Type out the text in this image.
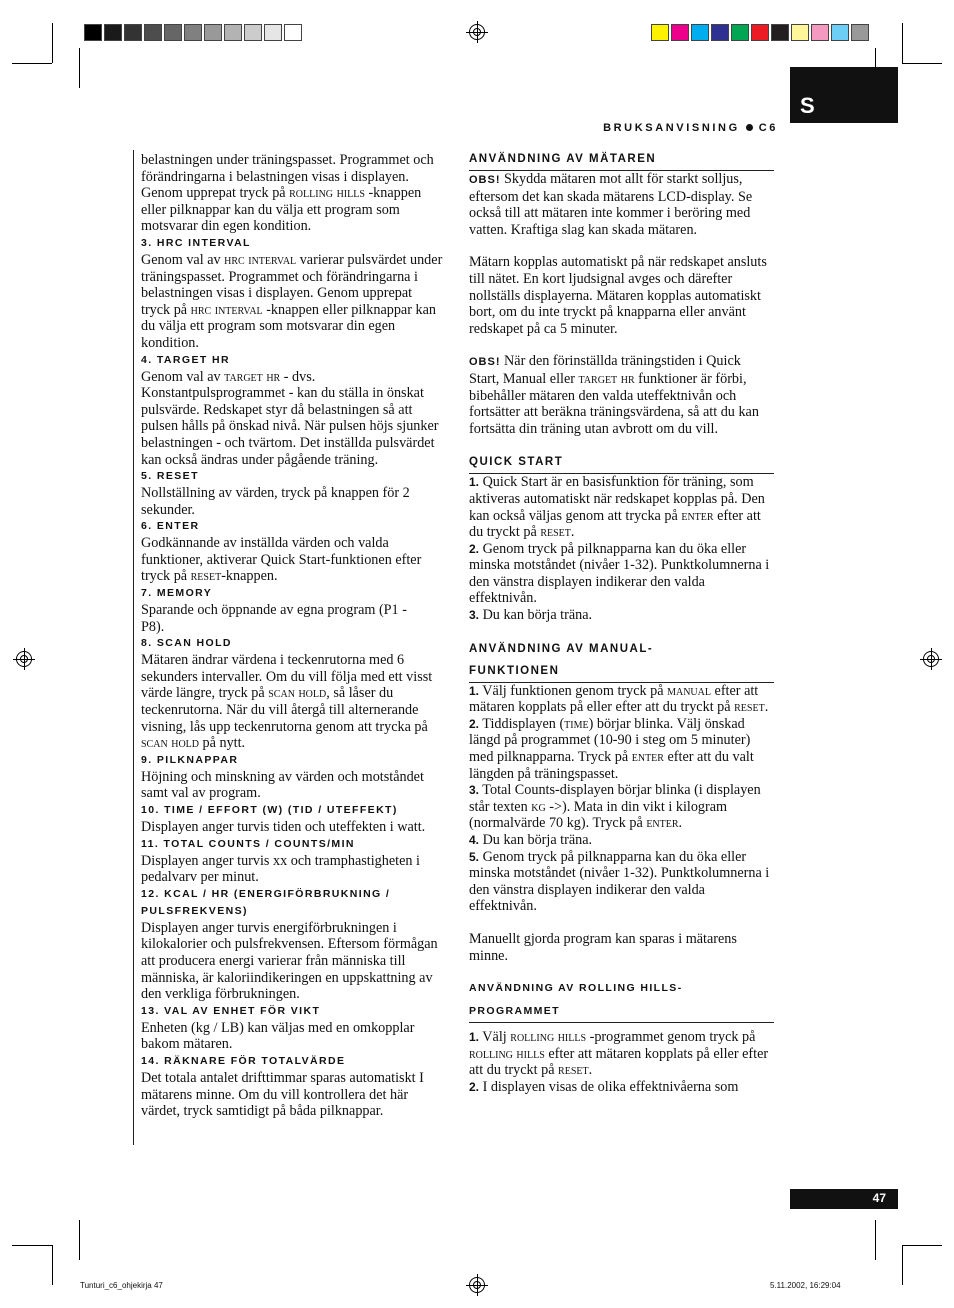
S
BRUKSANVISNING C6

belastningen under träningspasset. Programmet och förändringarna i belastningen visas i displayen. Genom upprepat tryck på rolling hills -knappen eller pilknappar kan du välja ett program som motsvarar din egen kondition.

3. HRC INTERVAL

Genom val av hrc interval varierar pulsvärdet under träningspasset. Programmet och förändringarna i belastningen visas i displayen. Genom upprepat tryck på hrc interval -knappen eller pilknappar kan du välja ett program som motsvarar din egen kondition.

4. TARGET HR

Genom val av target hr - dvs. Konstantpulsprogrammet - kan du ställa in önskat pulsvärde. Redskapet styr då belastningen så att pulsen hålls på önskad nivå. När pulsen höjs sjunker belastningen - och tvärtom. Det inställda pulsvärdet kan också ändras under pågående träning.

5. RESET

Nollställning av värden, tryck på knappen för 2 sekunder.

6. ENTER

Godkännande av inställda värden och valda funktioner, aktiverar Quick Start-funktionen efter tryck på reset-knappen.

7. MEMORY

Sparande och öppnande av egna program (P1 - P8).

8. SCAN HOLD

Mätaren ändrar värdena i teckenrutorna med 6 sekunders intervaller. Om du vill följa med ett visst värde längre, tryck på scan hold, så låser du teckenrutorna. När du vill återgå till alternerande visning, lås upp teckenrutorna genom att trycka på scan hold på nytt.

9. PILKNAPPAR

Höjning och minskning av värden och motståndet samt val av program.

10. TIME / EFFORT (W) (TID / UTEFFEKT)

Displayen anger turvis tiden och uteffekten i watt.

11. TOTAL COUNTS / COUNTS/MIN

Displayen anger turvis xx och tramphastigheten i pedalvarv per minut.

12. KCAL / HR (ENERGIFÖRBRUKNING / PULSFREKVENS)

Displayen anger turvis energiförbrukningen i kilokalorier och pulsfrekvensen. Eftersom förmågan att producera energi varierar från människa till människa, är kaloriindikeringen en uppskattning av den verkliga förbrukningen.

13. VAL AV ENHET FÖR VIKT

Enheten (kg / LB) kan väljas med en omkopplar bakom mätaren.

14. RÄKNARE FÖR TOTALVÄRDE

Det totala antalet drifttimmar sparas automatiskt I mätarens minne. Om du vill kontrollera det här värdet, tryck samtidigt på båda pilknappar.

ANVÄNDNING AV MÄTAREN

OBS! Skydda mätaren mot allt för starkt solljus, eftersom det kan skada mätarens LCD-display. Se också till att mätaren inte kommer i beröring med vatten. Kraftiga slag kan skada mätaren.

Mätarn kopplas automatiskt på när redskapet ansluts till nätet. En kort ljudsignal avges och därefter nollställs displayerna. Mätaren kopplas automatiskt bort, om du inte tryckt på knapparna eller använt redskapet på ca 5 minuter.

OBS! När den förinställda träningstiden i Quick Start, Manual eller target hr funktioner är förbi, bibehåller mätaren den valda uteffektnivån och fortsätter att beräkna träningsvärdena, så att du kan fortsätta din träning utan avbrott om du vill.

QUICK START

1. Quick Start är en basisfunktion för träning, som aktiveras automatiskt när redskapet kopplas på. Den kan också väljas genom att trycka på enter efter att du tryckt på reset.

2. Genom tryck på pilknapparna kan du öka eller minska motståndet (nivåer 1-32). Punktkolumnerna i den vänstra displayen indikerar den valda effektnivån.

3. Du kan börja träna.

ANVÄNDNING AV MANUAL-

FUNKTIONEN

1. Välj funktionen genom tryck på manual efter att mätaren kopplats på eller efter att du tryckt på reset.

2. Tiddisplayen (time) börjar blinka. Välj önskad längd på programmet (10-90 i steg om 5 minuter) med pilknapparna. Tryck på enter efter att du valt längden på träningspasset.

3. Total Counts-displayen börjar blinka (i displayen står texten kg ->). Mata in din vikt i kilogram (normalvärde 70 kg). Tryck på enter.

4. Du kan börja träna.

5. Genom tryck på pilknapparna kan du öka eller minska motståndet (nivåer 1-32). Punktkolumnerna i den vänstra displayen indikerar den valda effektnivån.

Manuellt gjorda program kan sparas i mätarens minne.

ANVÄNDNING AV ROLLING HILLS-

PROGRAMMET

1. Välj rolling hills -programmet genom tryck på rolling hills efter att mätaren kopplats på eller efter att du tryckt på reset.

2. I displayen visas de olika effektnivåerna som

47
Tunturi_c6_ohjekirja 47	5.11.2002, 16:29:04
